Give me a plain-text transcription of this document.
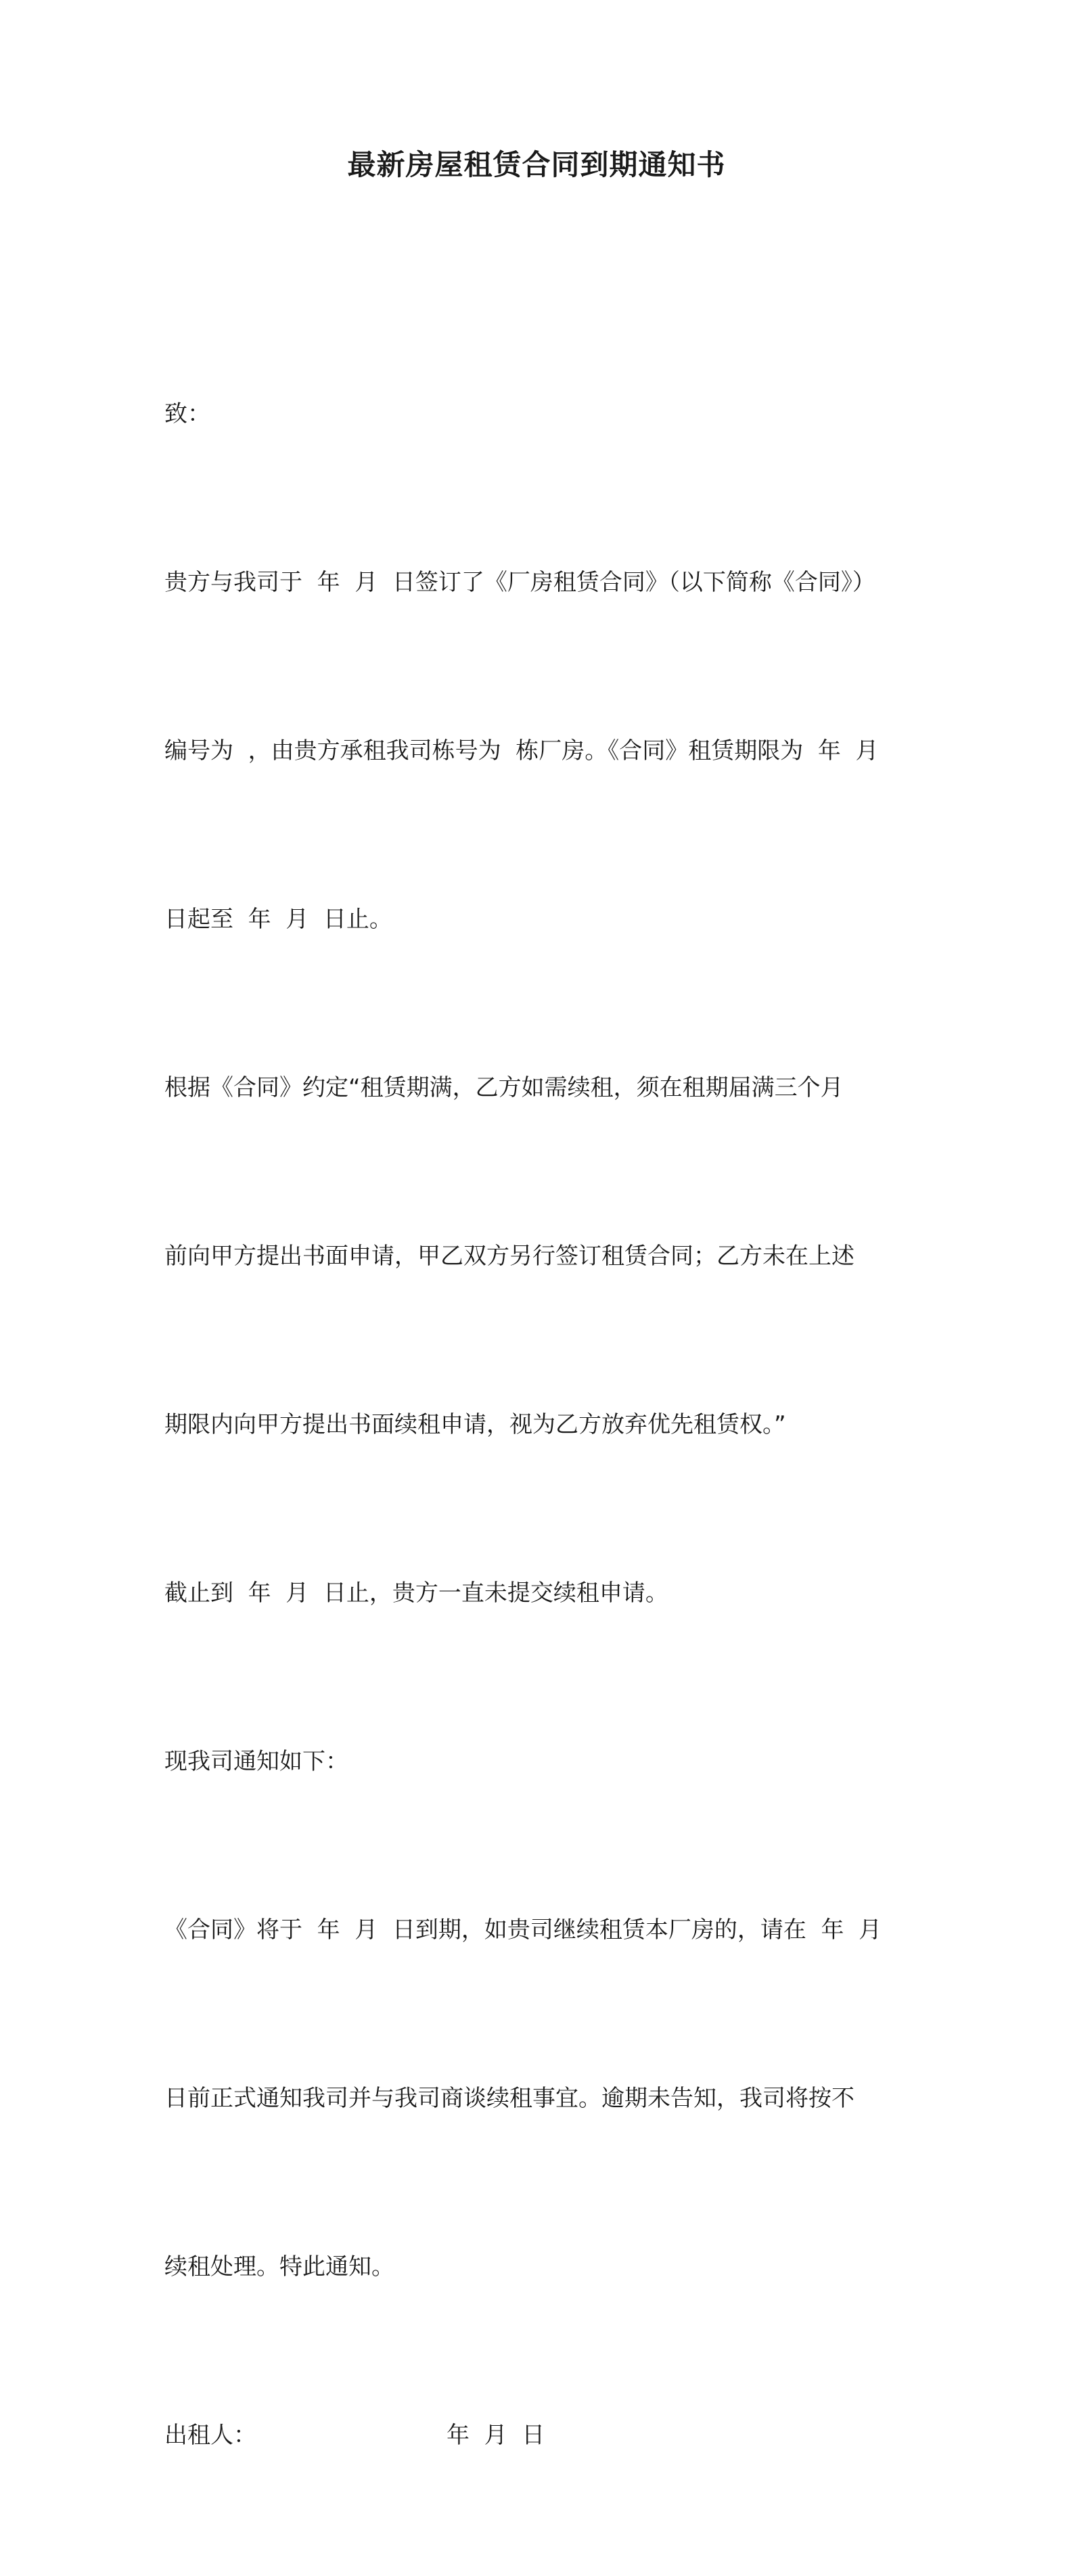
最新房屋租赁合同到期通知书

致：

贵方与我司于  年  月  日签订了《厂房租赁合同》（以下简称《合同》）

编号为  ，由贵方承租我司栋号为  栋厂房。《合同》租赁期限为  年  月

日起至  年  月  日止。

根据《合同》约定“租赁期满，乙方如需续租，须在租期届满三个月

前向甲方提出书面申请，甲乙双方另行签订租赁合同；乙方未在上述

期限内向甲方提出书面续租申请，视为乙方放弃优先租赁权。”

截止到  年  月  日止，贵方一直未提交续租申请。

现我司通知如下：

《合同》将于  年  月  日到期，如贵司继续租赁本厂房的，请在  年  月

日前正式通知我司并与我司商谈续租事宜。逾期未告知，我司将按不

续租处理。特此通知。

出租人：                          年  月  日
